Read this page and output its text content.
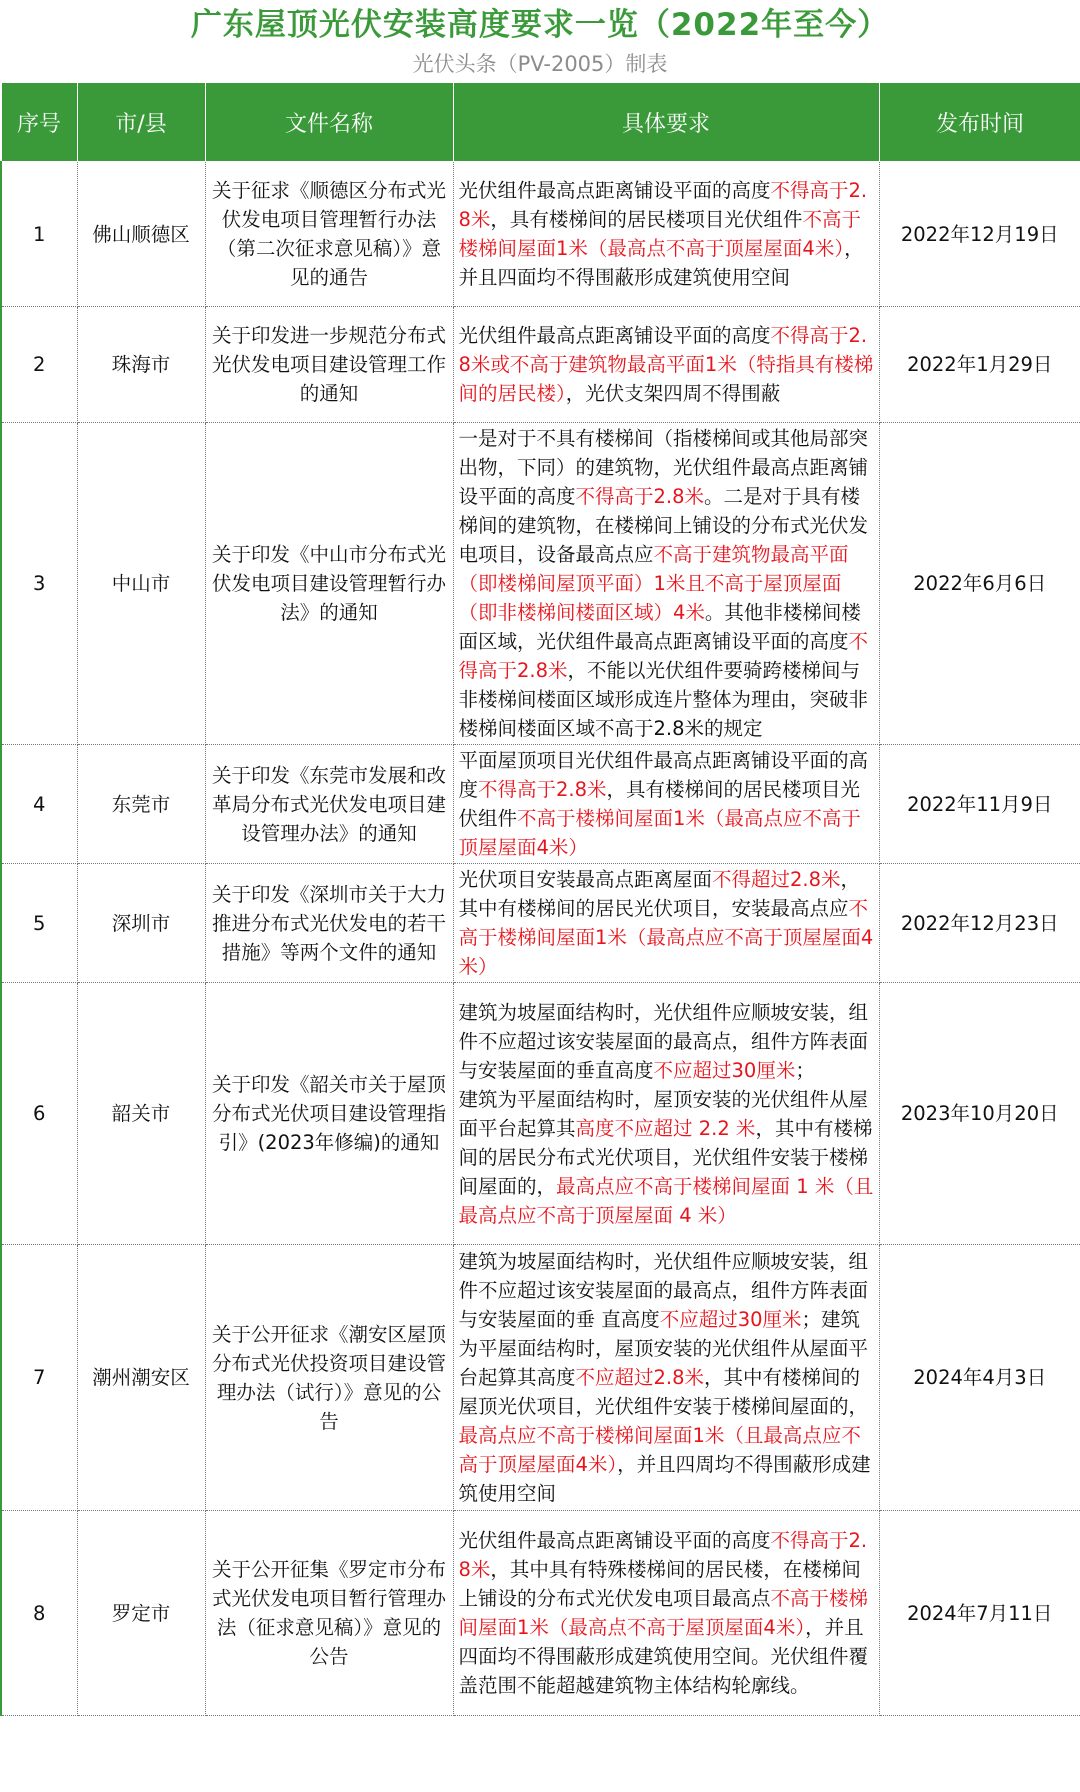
广东屋顶光伏安装高度要求一览（2022年至今）
光伏头条（PV-2005）制表
序号	市/县	文件名称	具体要求	发布时间
1	佛山顺德区	关于征求《顺德区分布式光伏发电项目管理暂行办法（第二次征求意见稿）》意见的通告	光伏组件最高点距离铺设平面的高度不得高于2.8米，具有楼梯间的居民楼项目光伏组件不高于楼梯间屋面1米（最高点不高于顶屋屋面4米），并且四面均不得围蔽形成建筑使用空间	2022年12月19日
2	珠海市	关于印发进一步规范分布式光伏发电项目建设管理工作的通知	光伏组件最高点距离铺设平面的高度不得高于2.8米或不高于建筑物最高平面1米（特指具有楼梯间的居民楼），光伏支架四周不得围蔽	2022年1月29日
3	中山市	关于印发《中山市分布式光伏发电项目建设管理暂行办法》的通知	一是对于不具有楼梯间（指楼梯间或其他局部突出物，下同）的建筑物，光伏组件最高点距离铺设平面的高度不得高于2.8米。二是对于具有楼梯间的建筑物，在楼梯间上铺设的分布式光伏发电项目，设备最高点应不高于建筑物最高平面（即楼梯间屋顶平面）1米且不高于屋顶屋面（即非楼梯间楼面区域）4米。其他非楼梯间楼面区域，光伏组件最高点距离铺设平面的高度不得高于2.8米，不能以光伏组件要骑跨楼梯间与非楼梯间楼面区域形成连片整体为理由，突破非楼梯间楼面区域不高于2.8米的规定	2022年6月6日
4	东莞市	关于印发《东莞市发展和改革局分布式光伏发电项目建设管理办法》的通知	平面屋顶项目光伏组件最高点距离铺设平面的高度不得高于2.8米，具有楼梯间的居民楼项目光伏组件不高于楼梯间屋面1米（最高点应不高于顶屋屋面4米）	2022年11月9日
5	深圳市	关于印发《深圳市关于大力推进分布式光伏发电的若干措施》等两个文件的通知	光伏项目安装最高点距离屋面不得超过2.8米，其中有楼梯间的居民光伏项目，安装最高点应不高于楼梯间屋面1米（最高点应不高于顶屋屋面4米）	2022年12月23日
6	韶关市	关于印发《韶关市关于屋顶分布式光伏项目建设管理指引》(2023年修编)的通知	建筑为坡屋面结构时，光伏组件应顺坡安装，组件不应超过该安装屋面的最高点，组件方阵表面与安装屋面的垂直高度不应超过30厘米；
建筑为平屋面结构时，屋顶安装的光伏组件从屋面平台起算其高度不应超过 2.2 米，其中有楼梯间的居民分布式光伏项目，光伏组件安装于楼梯间屋面的，最高点应不高于楼梯间屋面 1 米（且最高点应不高于顶屋屋面 4 米）	2023年10月20日
7	潮州潮安区	关于公开征求《潮安区屋顶分布式光伏投资项目建设管理办法（试行）》意见的公告	建筑为坡屋面结构时，光伏组件应顺坡安装，组件不应超过该安装屋面的最高点，组件方阵表面与安装屋面的垂 直高度不应超过30厘米；建筑为平屋面结构时，屋顶安装的光伏组件从屋面平台起算其高度不应超过2.8米，其中有楼梯间的屋顶光伏项目，光伏组件安装于楼梯间屋面的，最高点应不高于楼梯间屋面1米（且最高点应不高于顶屋屋面4米），并且四周均不得围蔽形成建筑使用空间	2024年4月3日
8	罗定市	关于公开征集《罗定市分布式光伏发电项目暂行管理办法（征求意见稿）》意见的公告	光伏组件最高点距离铺设平面的高度不得高于2.8米，其中具有特殊楼梯间的居民楼，在楼梯间上铺设的分布式光伏发电项目最高点不高于楼梯间屋面1米（最高点不高于屋顶屋面4米），并且四面均不得围蔽形成建筑使用空间。光伏组件覆盖范围不能超越建筑物主体结构轮廓线。	2024年7月11日
